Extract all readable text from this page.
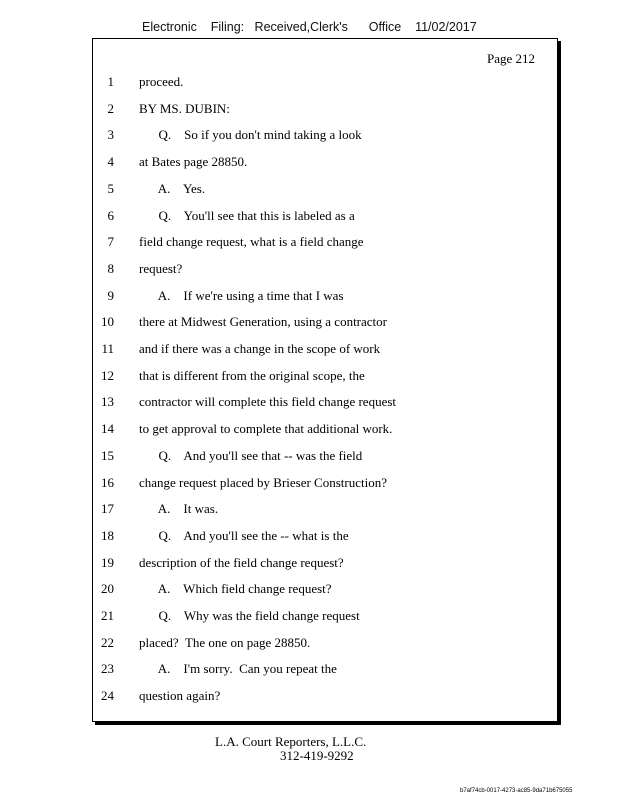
Electronic    Filing:   Received,Clerk's      Office    11/02/2017
Page 212
1 proceed.
2 BY MS. DUBIN:
3 Q.    So if you don't mind taking a look
4 at Bates page 28850.
5 A.    Yes.
6 Q.    You'll see that this is labeled as a
7 field change request, what is a field change
8 request?
9 A.    If we're using a time that I was
10 there at Midwest Generation, using a contractor
11 and if there was a change in the scope of work
12 that is different from the original scope, the
13 contractor will complete this field change request
14 to get approval to complete that additional work.
15 Q.    And you'll see that -- was the field
16 change request placed by Brieser Construction?
17 A.    It was.
18 Q.    And you'll see the -- what is the
19 description of the field change request?
20 A.    Which field change request?
21 Q.    Why was the field change request
22 placed?  The one on page 28850.
23 A.    I'm sorry.  Can you repeat the
24 question again?
L.A. Court Reporters, L.L.C.
312-419-9292
b7af74cb-0017-4273-ac85-9da71b675055
